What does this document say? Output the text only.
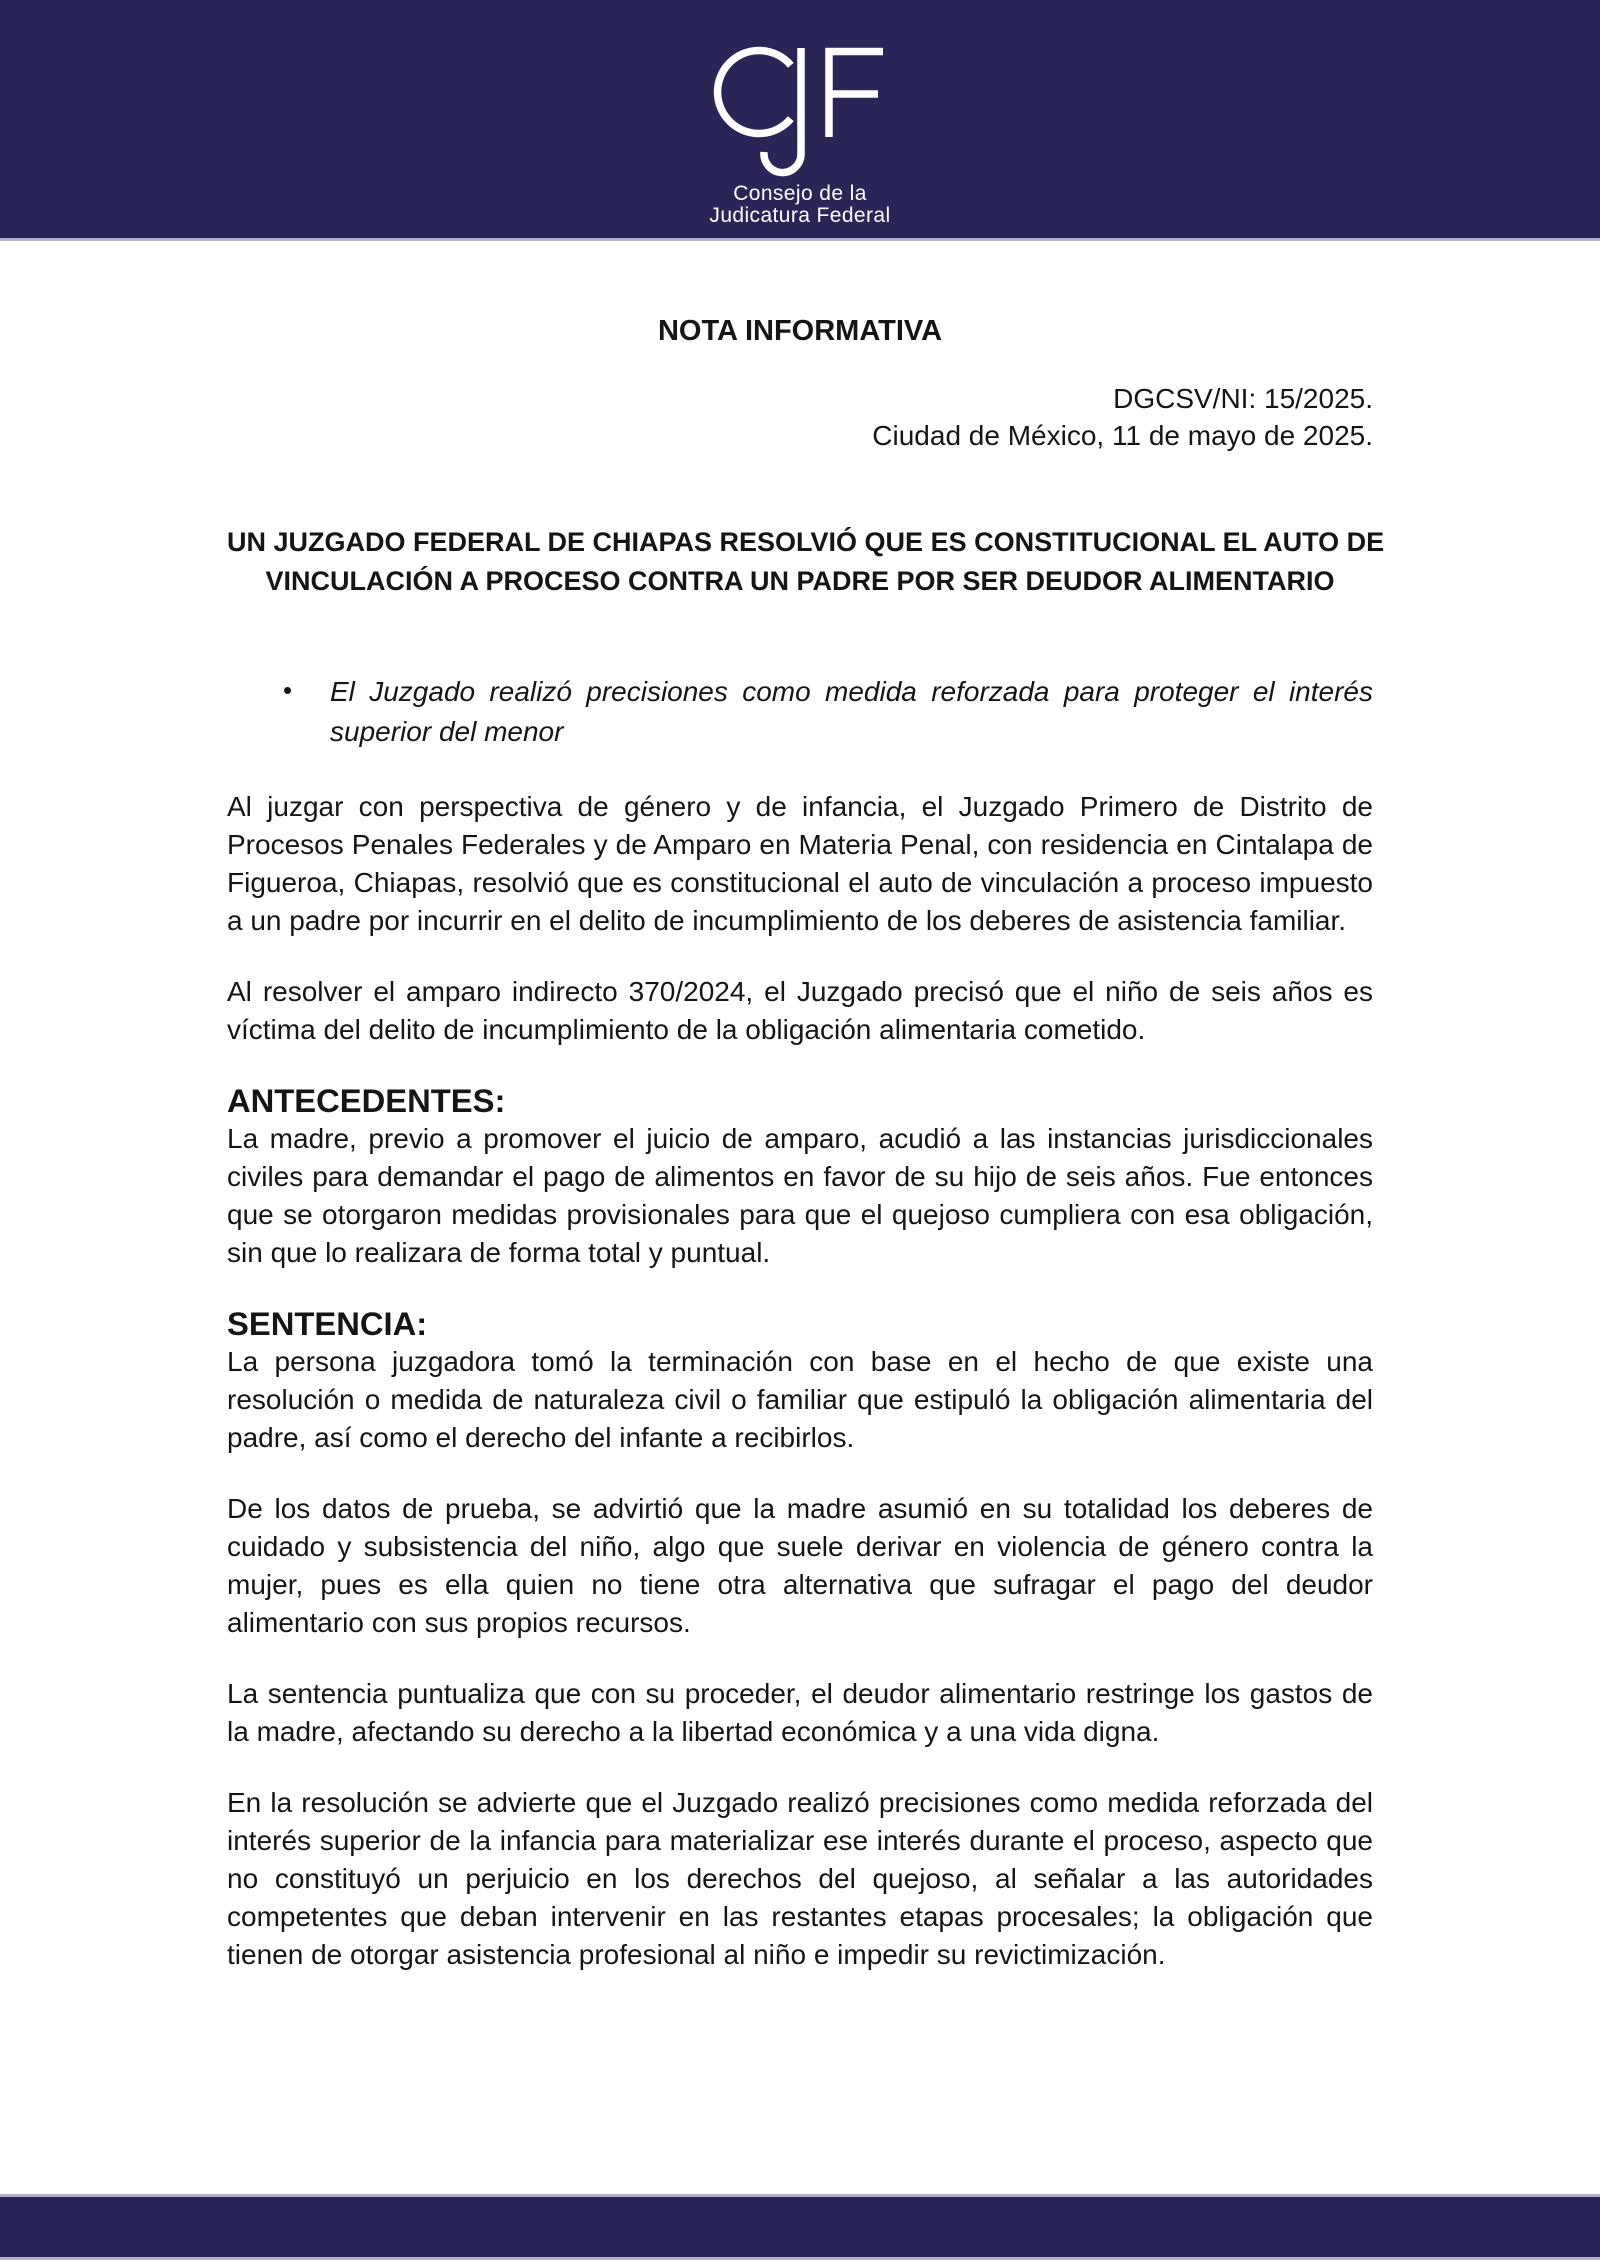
Consejo de la
Judicatura Federal
NOTA INFORMATIVA
DGCSV/NI: 15/2025.
Ciudad de México, 11 de mayo de 2025.
UN JUZGADO FEDERAL DE CHIAPAS RESOLVIÓ QUE ES CONSTITUCIONAL EL AUTO DE
VINCULACIÓN A PROCESO CONTRA UN PADRE POR SER DEUDOR ALIMENTARIO
• El Juzgado realizó precisiones como medida reforzada para proteger el interés superior del menor

Al juzgar con perspectiva de género y de infancia, el Juzgado Primero de Distrito de Procesos Penales Federales y de Amparo en Materia Penal, con residencia en Cintalapa de Figueroa, Chiapas, resolvió que es constitucional el auto de vinculación a proceso impuesto a un padre por incurrir en el delito de incumplimiento de los deberes de asistencia familiar.

Al resolver el amparo indirecto 370/2024, el Juzgado precisó que el niño de seis años es víctima del delito de incumplimiento de la obligación alimentaria cometido.

ANTECEDENTES:

La madre, previo a promover el juicio de amparo, acudió a las instancias jurisdiccionales civiles para demandar el pago de alimentos en favor de su hijo de seis años. Fue entonces que se otorgaron medidas provisionales para que el quejoso cumpliera con esa obligación, sin que lo realizara de forma total y puntual.

SENTENCIA:

La persona juzgadora tomó la terminación con base en el hecho de que existe una resolución o medida de naturaleza civil o familiar que estipuló la obligación alimentaria del padre, así como el derecho del infante a recibirlos.

De los datos de prueba, se advirtió que la madre asumió en su totalidad los deberes de cuidado y subsistencia del niño, algo que suele derivar en violencia de género contra la mujer, pues es ella quien no tiene otra alternativa que sufragar el pago del deudor alimentario con sus propios recursos.

La sentencia puntualiza que con su proceder, el deudor alimentario restringe los gastos de la madre, afectando su derecho a la libertad económica y a una vida digna.

En la resolución se advierte que el Juzgado realizó precisiones como medida reforzada del interés superior de la infancia para materializar ese interés durante el proceso, aspecto que no constituyó un perjuicio en los derechos del quejoso, al señalar a las autoridades competentes que deban intervenir en las restantes etapas procesales; la obligación que tienen de otorgar asistencia profesional al niño e impedir su revictimización.
